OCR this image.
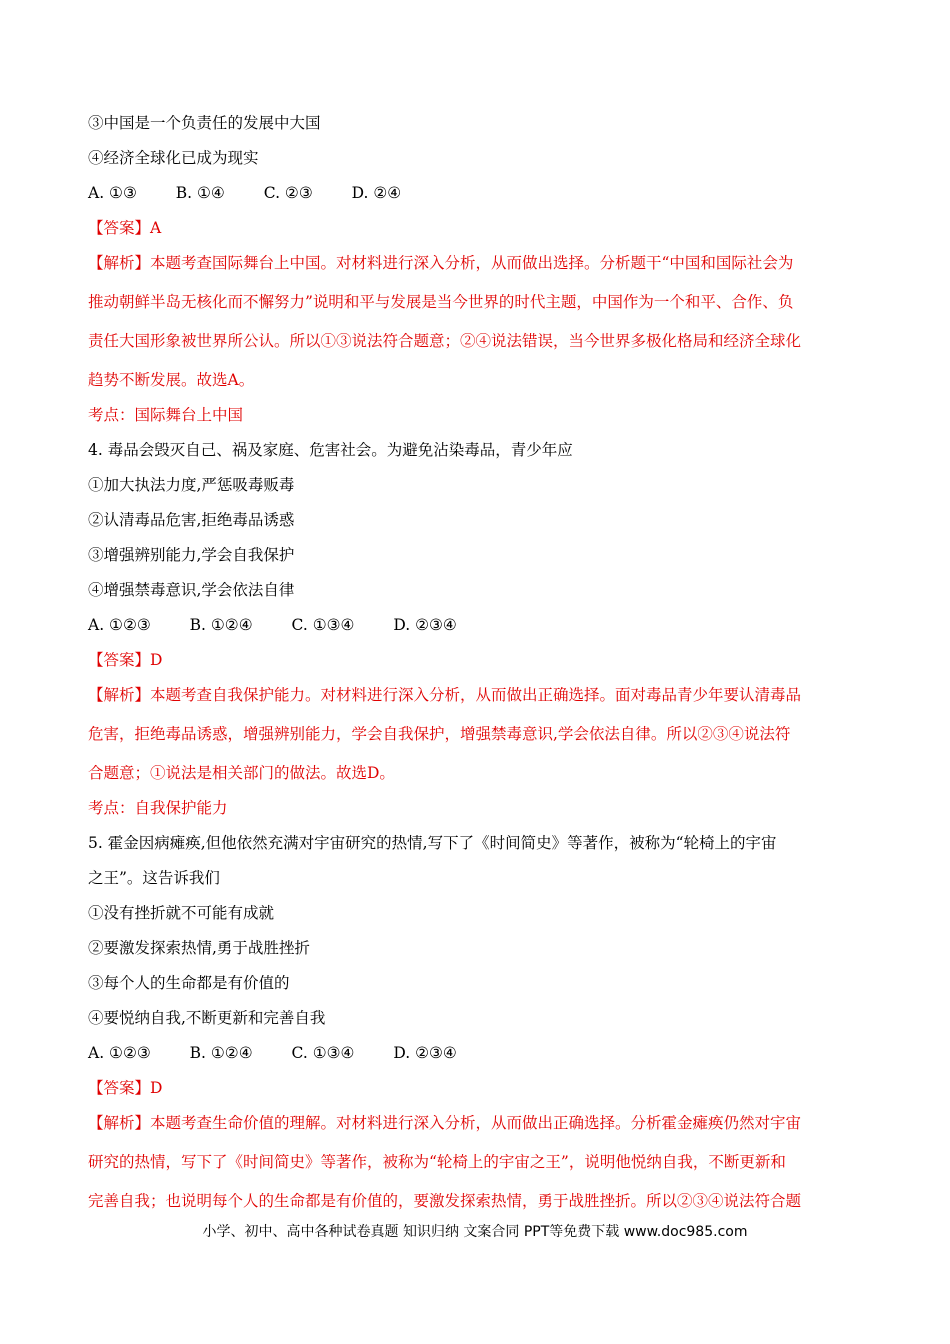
③中国是一个负责任的发展中大国
④经济全球化已成为现实
A. ①③	B. ①④	C. ②③	D. ②④
【答案】A
【解析】本题考查国际舞台上中国。对材料进行深入分析，从而做出选择。分析题干“中国和国际社会为
推动朝鲜半岛无核化而不懈努力”说明和平与发展是当今世界的时代主题，中国作为一个和平、合作、负
责任大国形象被世界所公认。所以①③说法符合题意；②④说法错误，当今世界多极化格局和经济全球化
趋势不断发展。故选A。
考点：国际舞台上中国
4. 毒品会毁灭自己、祸及家庭、危害社会。为避免沾染毒品，青少年应
①加大执法力度,严惩吸毒贩毒
②认清毒品危害,拒绝毒品诱惑
③增强辨别能力,学会自我保护
④增强禁毒意识,学会依法自律
A. ①②③	B. ①②④	C. ①③④	D. ②③④
【答案】D
【解析】本题考查自我保护能力。对材料进行深入分析，从而做出正确选择。面对毒品青少年要认清毒品
危害，拒绝毒品诱惑，增强辨别能力，学会自我保护，增强禁毒意识,学会依法自律。所以②③④说法符
合题意；①说法是相关部门的做法。故选D。
考点：自我保护能力
5. 霍金因病瘫痪,但他依然充满对宇宙研究的热情,写下了《时间简史》等著作，被称为“轮椅上的宇宙
之王”。这告诉我们
①没有挫折就不可能有成就
②要激发探索热情,勇于战胜挫折
③每个人的生命都是有价值的
④要悦纳自我,不断更新和完善自我
A. ①②③	B. ①②④	C. ①③④	D. ②③④
【答案】D
【解析】本题考查生命价值的理解。对材料进行深入分析，从而做出正确选择。分析霍金瘫痪仍然对宇宙
研究的热情，写下了《时间简史》等著作，被称为“轮椅上的宇宙之王”，说明他悦纳自我，不断更新和
完善自我；也说明每个人的生命都是有价值的，要激发探索热情，勇于战胜挫折。所以②③④说法符合题
小学、初中、高中各种试卷真题 知识归纳 文案合同 PPT等免费下载 www.doc985.com
